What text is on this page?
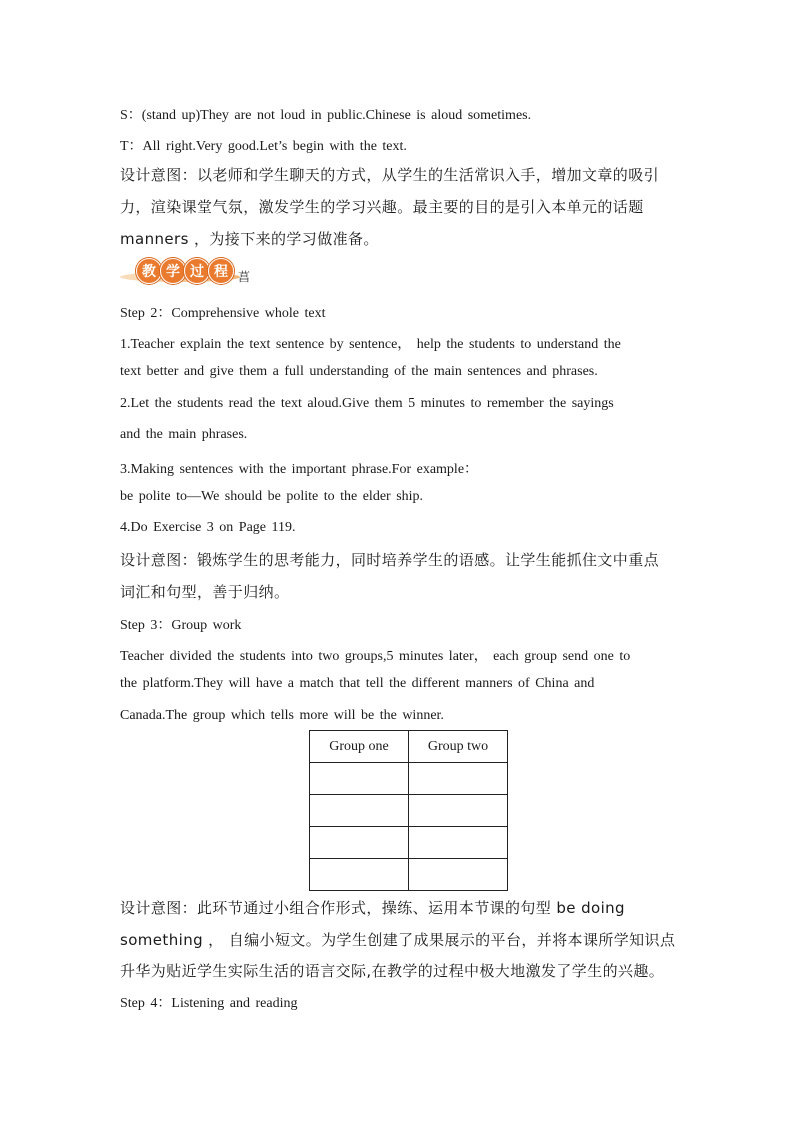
S：(stand up)They are not loud in public.Chinese is aloud sometimes.
T：All right.Very good.Let’s begin with the text.
设计意图：以老师和学生聊天的方式，从学生的生活常识入手，增加文章的吸引
力，渲染课堂气氛，激发学生的学习兴趣。最主要的目的是引入本单元的话题
manners ，为接下来的学习做准备。
教 学 过 程 菖
Step 2：Comprehensive whole text
1.Teacher explain the text sentence by sentence， help the students to understand the
text better and give them a full understanding of the main sentences and phrases.
2.Let the students read the text aloud.Give them 5 minutes to remember the sayings
and the main phrases.
3.Making sentences with the important phrase.For example：
be polite to—We should be polite to the elder ship.
4.Do Exercise 3 on Page 119.
设计意图：锻炼学生的思考能力，同时培养学生的语感。让学生能抓住文中重点
词汇和句型，善于归纳。
Step 3：Group work
Teacher divided the students into two groups,5 minutes later， each group send one to
the platform.They will have a match that tell the different manners of China and
Canada.The group which tells more will be the winner.
Group one	Group two

设计意图：此环节通过小组合作形式，操练、运用本节课的句型 be doing
something ， 自编小短文。为学生创建了成果展示的平台，并将本课所学知识点
升华为贴近学生实际生活的语言交际,在教学的过程中极大地激发了学生的兴趣。
Step 4：Listening and reading
